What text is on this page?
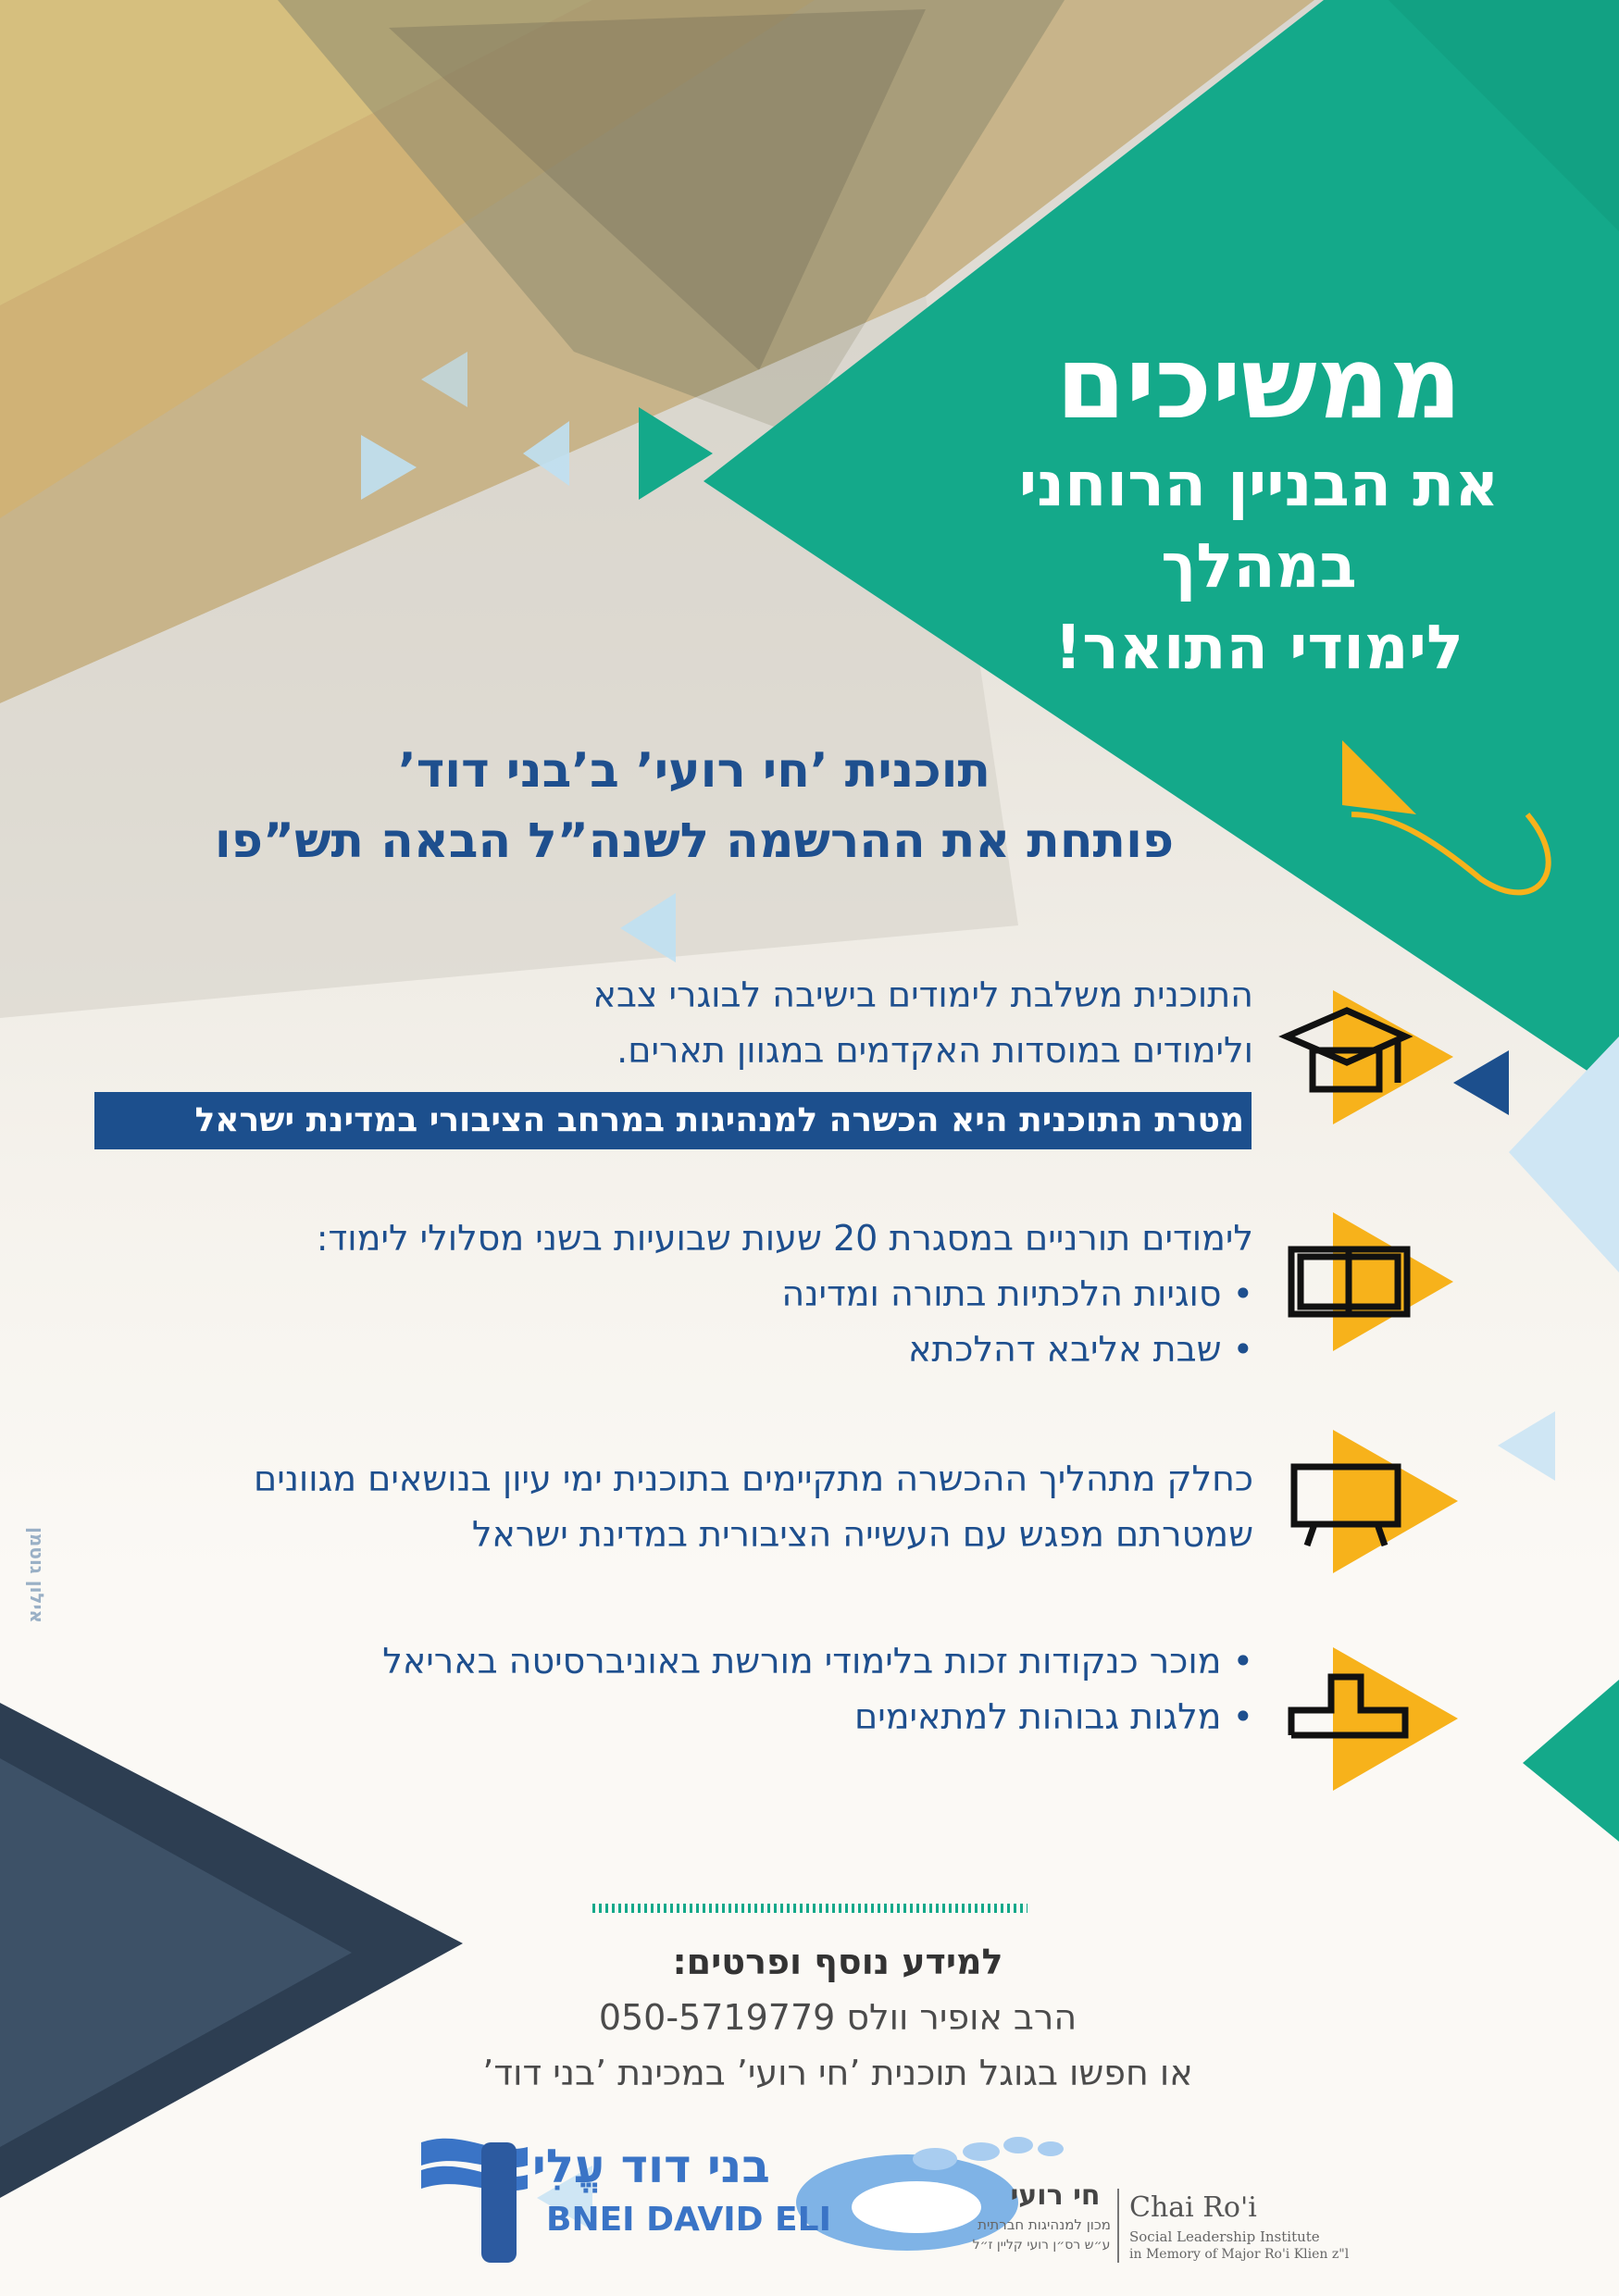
ממשיכים
את הבניין הרוחני
במהלך
לימודי התואר!
תוכנית ’חי רועי’ ב’בני דוד’
פותחת את ההרשמה לשנה”ל הבאה תש”פו
התוכנית משלבת לימודים בישיבה לבוגרי צבא
ולימודים במוסדות האקדמים במגוון תארים.
מטרת התוכנית היא הכשרה למנהיגות במרחב הציבורי במדינת ישראל
לימודים תורניים במסגרת 20 שעות שבועיות בשני מסלולי לימוד:
• סוגיות הלכתיות בתורה ומדינה
• שבת אליבא דהלכתא
כחלק מתהליך ההכשרה מתקיימים בתוכנית ימי עיון בנושאים מגוונים
שמטרתם מפגש עם העשייה הציבורית במדינת ישראל
• מוכר כנקודות זכות בלימודי מורשת באוניברסיטה באריאל
• מלגות גבוהות למתאימים
למידע נוסף ופרטים:
הרב אופיר וולס 050-5719779
או חפשו בגוגל תוכנית ’חי רועי’ במכינת ’בני דוד’
אילון גוטמן
בני דוד עֱלִי
BNEI DAVID ELI
חי רועי
מכון למנהיגות חברתית
ע״ש רס״ן רועי קליין ז״ל
Chai Ro'i
Social Leadership Institute
in Memory of Major Ro'i Klien z"l
